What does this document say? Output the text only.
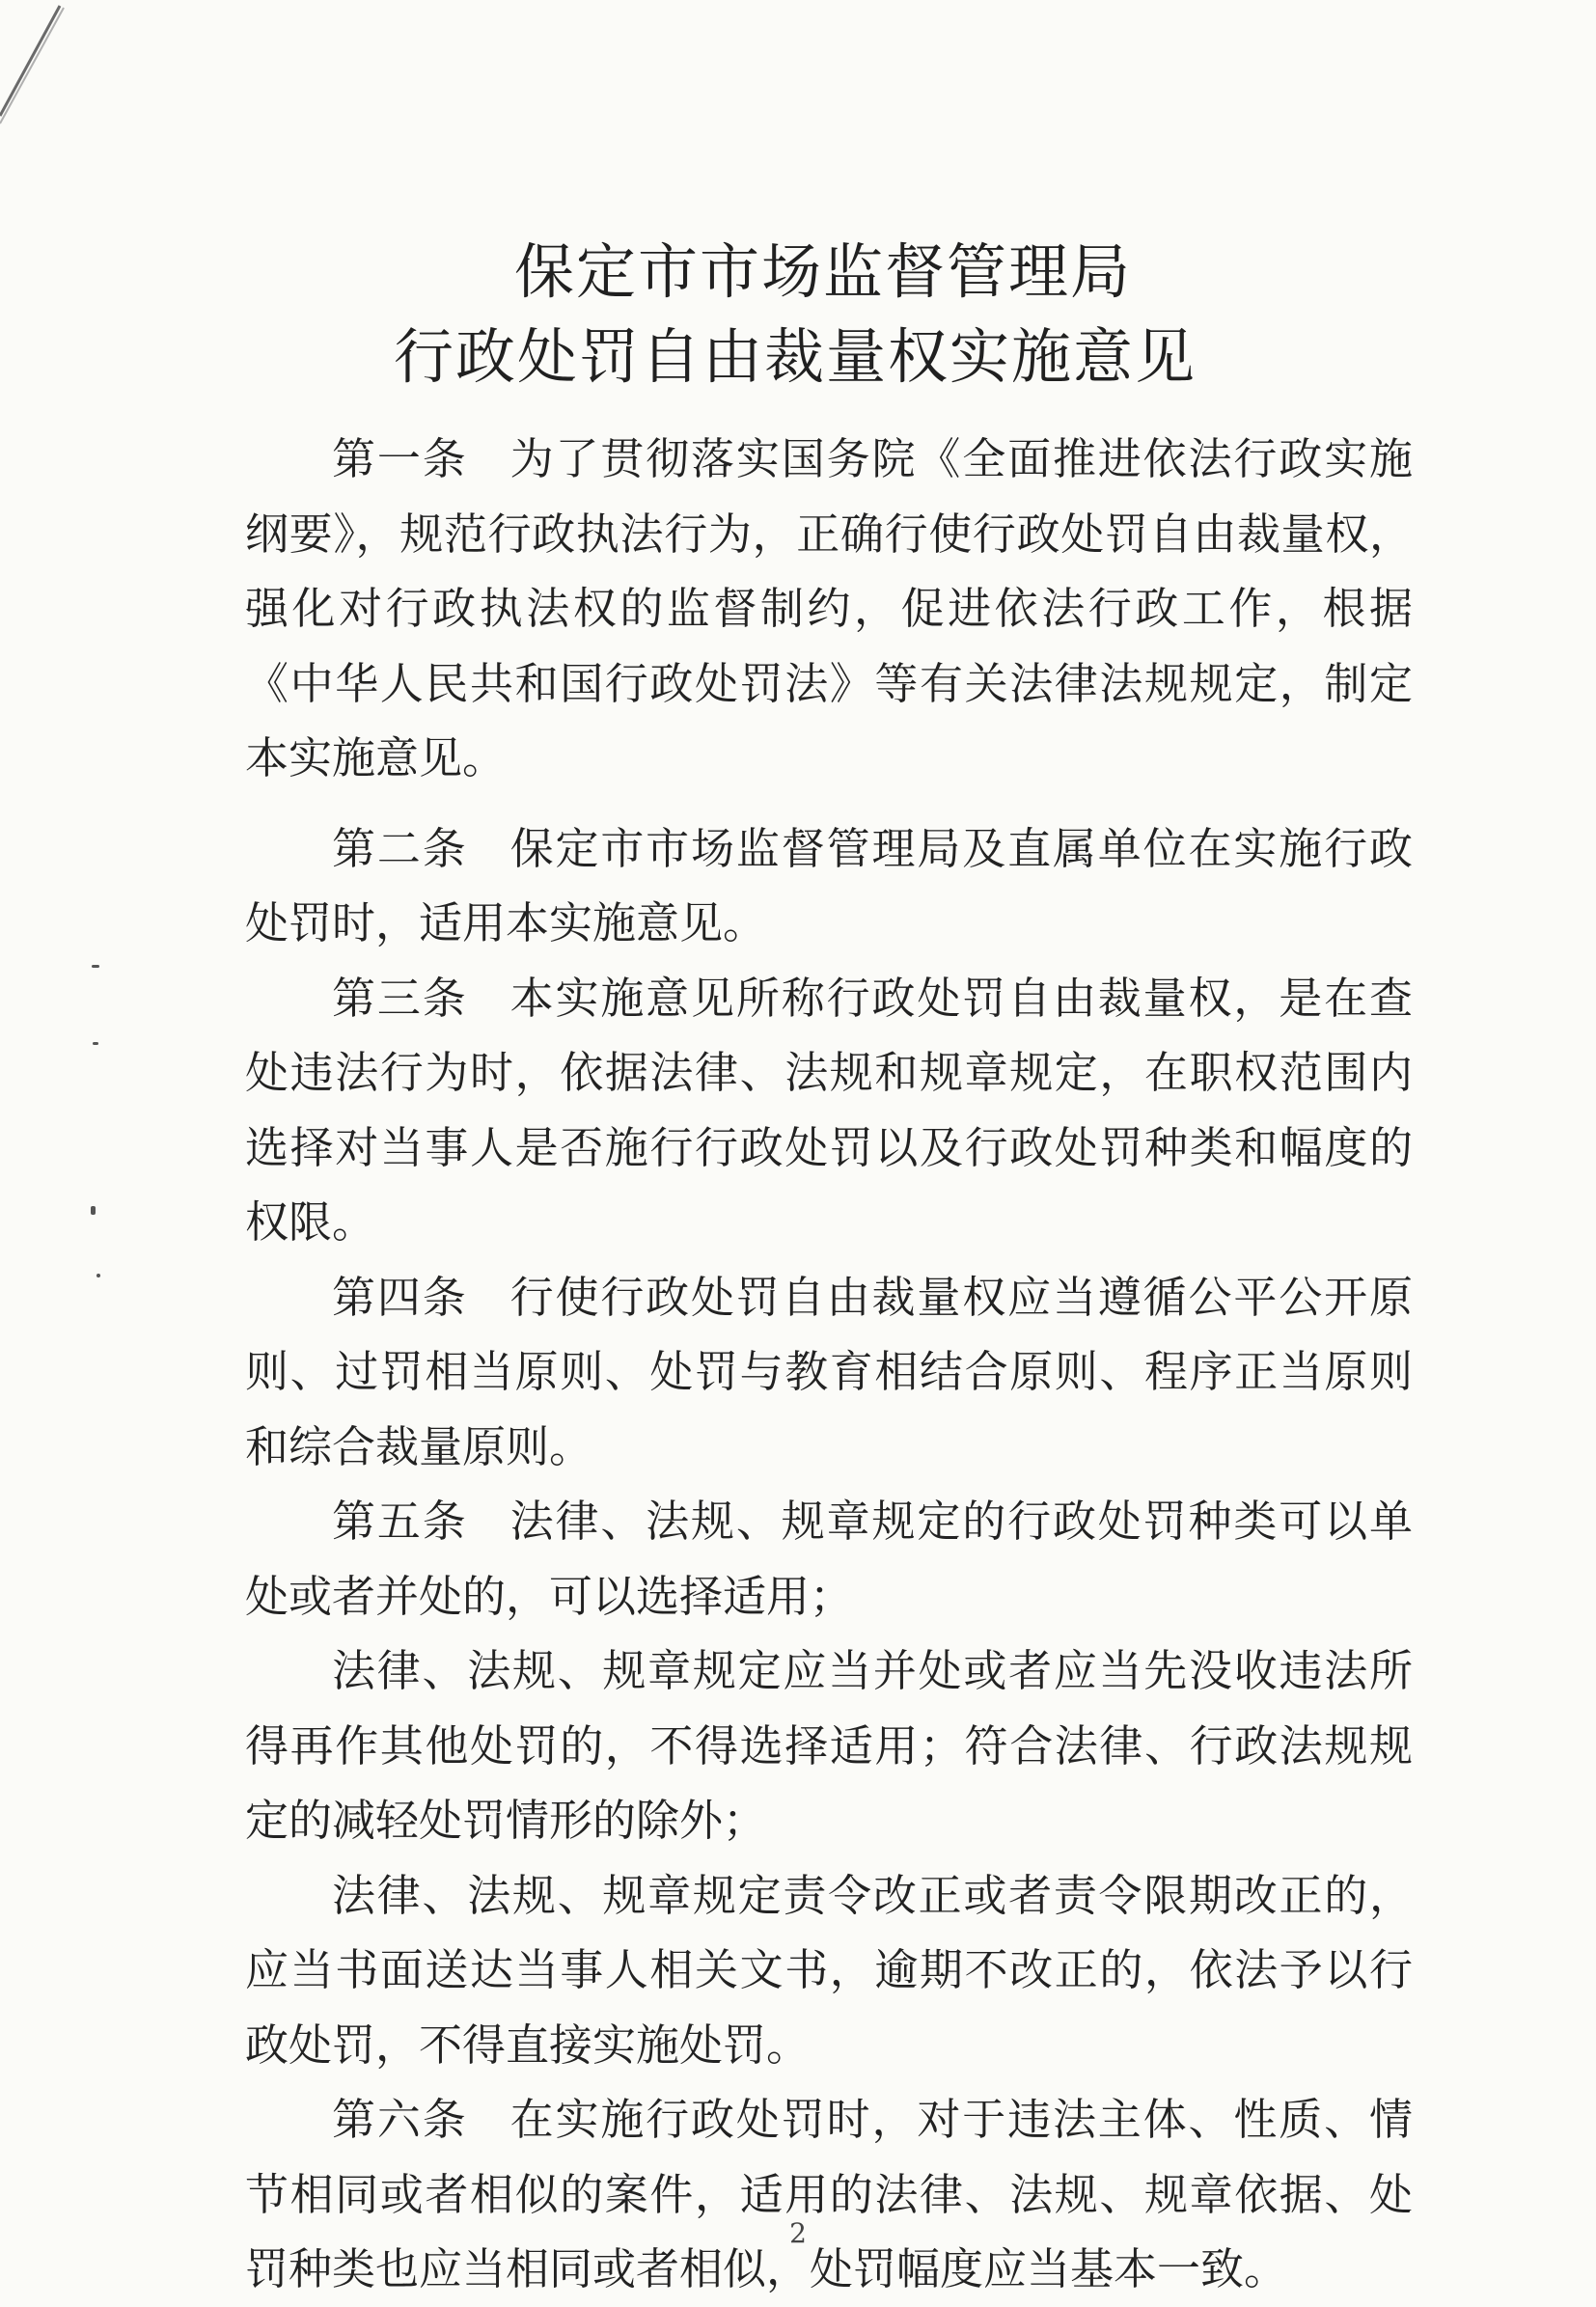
保定市市场监督管理局
行政处罚自由裁量权实施意见

第一条 为了贯彻落实国务院《全面推进依法行政实施纲要》，规范行政执法行为，正确行使行政处罚自由裁量权，强化对行政执法权的监督制约，促进依法行政工作，根据《中华人民共和国行政处罚法》等有关法律法规规定，制定本实施意见。

第二条 保定市市场监督管理局及直属单位在实施行政处罚时，适用本实施意见。

第三条 本实施意见所称行政处罚自由裁量权，是在查处违法行为时，依据法律、法规和规章规定，在职权范围内选择对当事人是否施行行政处罚以及行政处罚种类和幅度的权限。

第四条 行使行政处罚自由裁量权应当遵循公平公开原则、过罚相当原则、处罚与教育相结合原则、程序正当原则和综合裁量原则。

第五条 法律、法规、规章规定的行政处罚种类可以单处或者并处的，可以选择适用；

法律、法规、规章规定应当并处或者应当先没收违法所得再作其他处罚的，不得选择适用；符合法律、行政法规规定的减轻处罚情形的除外；

法律、法规、规章规定责令改正或者责令限期改正的，应当书面送达当事人相关文书，逾期不改正的，依法予以行政处罚，不得直接实施处罚。

第六条 在实施行政处罚时，对于违法主体、性质、情节相同或者相似的案件，适用的法律、法规、规章依据、处罚种类也应当相同或者相似，处罚幅度应当基本一致。

2
